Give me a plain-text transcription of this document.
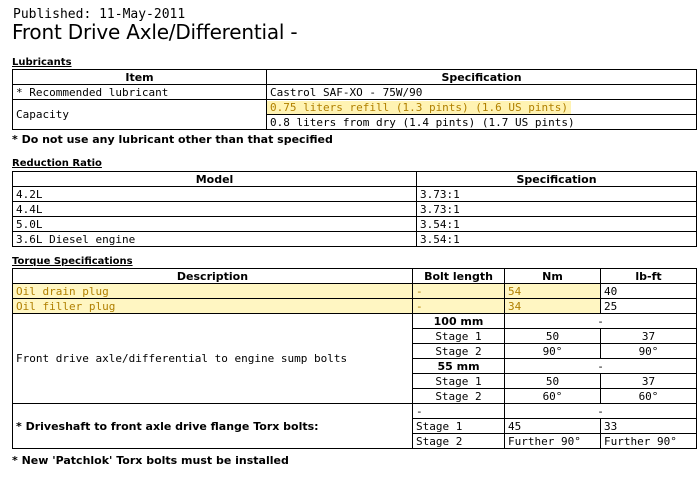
Published: 11-May-2011
Front Drive Axle/Differential -
Lubricants
Item	Specification
* Recommended lubricant	Castrol SAF-XO - 75W/90
Capacity	0.75 liters refill (1.3 pints) (1.6 US pints)
	0.8 liters from dry (1.4 pints) (1.7 US pints)
* Do not use any lubricant other than that specified
Reduction Ratio
Model	Specification
4.2L	3.73:1
4.4L	3.73:1
5.0L	3.54:1
3.6L Diesel engine	3.54:1
Torque Specifications
Description	Bolt length	Nm	lb-ft
Oil drain plug	-	54	40
Oil filler plug	-	34	25
Front drive axle/differential to engine sump bolts	100 mm	-	
	Stage 1	50	37
	Stage 2	90°	90°
	55 mm	-	
	Stage 1	50	37
	Stage 2	60°	60°
* Driveshaft to front axle drive flange Torx bolts:	-	-	
	Stage 1	45	33
	Stage 2	Further 90°	Further 90°
* New 'Patchlok' Torx bolts must be installed
